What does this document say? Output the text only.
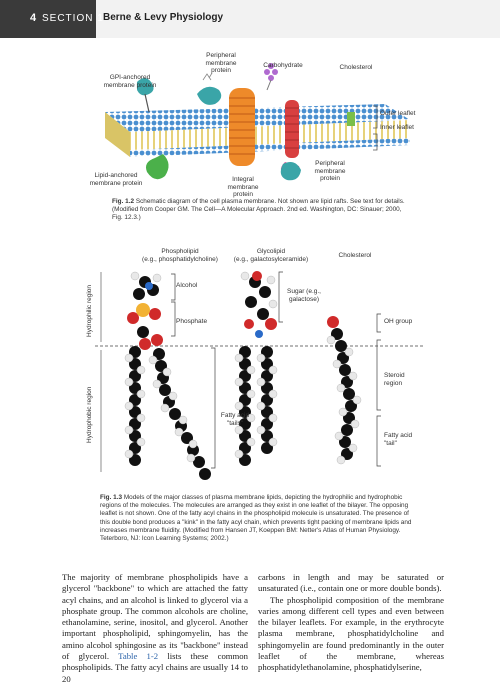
4 SECTION 1 Berne & Levy Physiology
GPI-anchored membrane protein
Peripheral membrane protein
Carbohydrate	Cholesterol
Outer leaflet
Inner leaflet
Lipid-anchored membrane protein	Integral membrane protein
Peripheral membrane protein
Fig. 1.2 Schematic diagram of the cell plasma membrane. Not shown are lipid rafts. See text for details. (Modified from Cooper GM. The Cell—A Molecular Approach. 2nd ed. Washington, DC: Sinauer; 2000, Fig. 12.3.)
Phospholipid
(e.g., phosphatidylcholine)
Glycolipid
(e.g., galactosylceramide)	Cholesterol
Hydrophilic region
Hydrophobic region
Alcohol
Phosphate
Fatty acid "tails"
Sugar (e.g., galactose)
OH group
Steroid region
Fatty acid "tail"
Fig. 1.3 Models of the major classes of plasma membrane lipids, depicting the hydrophilic and hydrophobic regions of the molecules. The molecules are arranged as they exist in one leaflet of the bilayer. The opposing leaflet is not shown. One of the fatty acyl chains in the phospholipid molecule is unsaturated. The presence of this double bond produces a "kink" in the fatty acyl chain, which prevents tight packing of membrane lipids and increases membrane fluidity. (Modified from Hansen JT, Koeppen BM: Netter's Atlas of Human Physiology. Teterboro, NJ: Icon Learning Systems; 2002.)

The majority of membrane phospholipids have a glycerol "backbone" to which are attached the fatty acyl chains, and an alcohol is linked to glycerol via a phosphate group. The common alcohols are choline, ethanolamine, serine, inositol, and glycerol. Another important phospholipid, sphingomyelin, has the amino alcohol sphingosine as its "backbone" instead of glycerol. Table 1-2 lists these common phospholipids. The fatty acyl chains are usually 14 to 20

carbons in length and may be saturated or unsaturated (i.e., contain one or more double bonds).

The phospholipid composition of the membrane varies among different cell types and even between the bilayer leaflets. For example, in the erythrocyte plasma membrane, phosphatidylcholine and sphingomyelin are found predominantly in the outer leaflet of the membrane, whereas phosphatidylethanolamine, phosphatidylserine,
